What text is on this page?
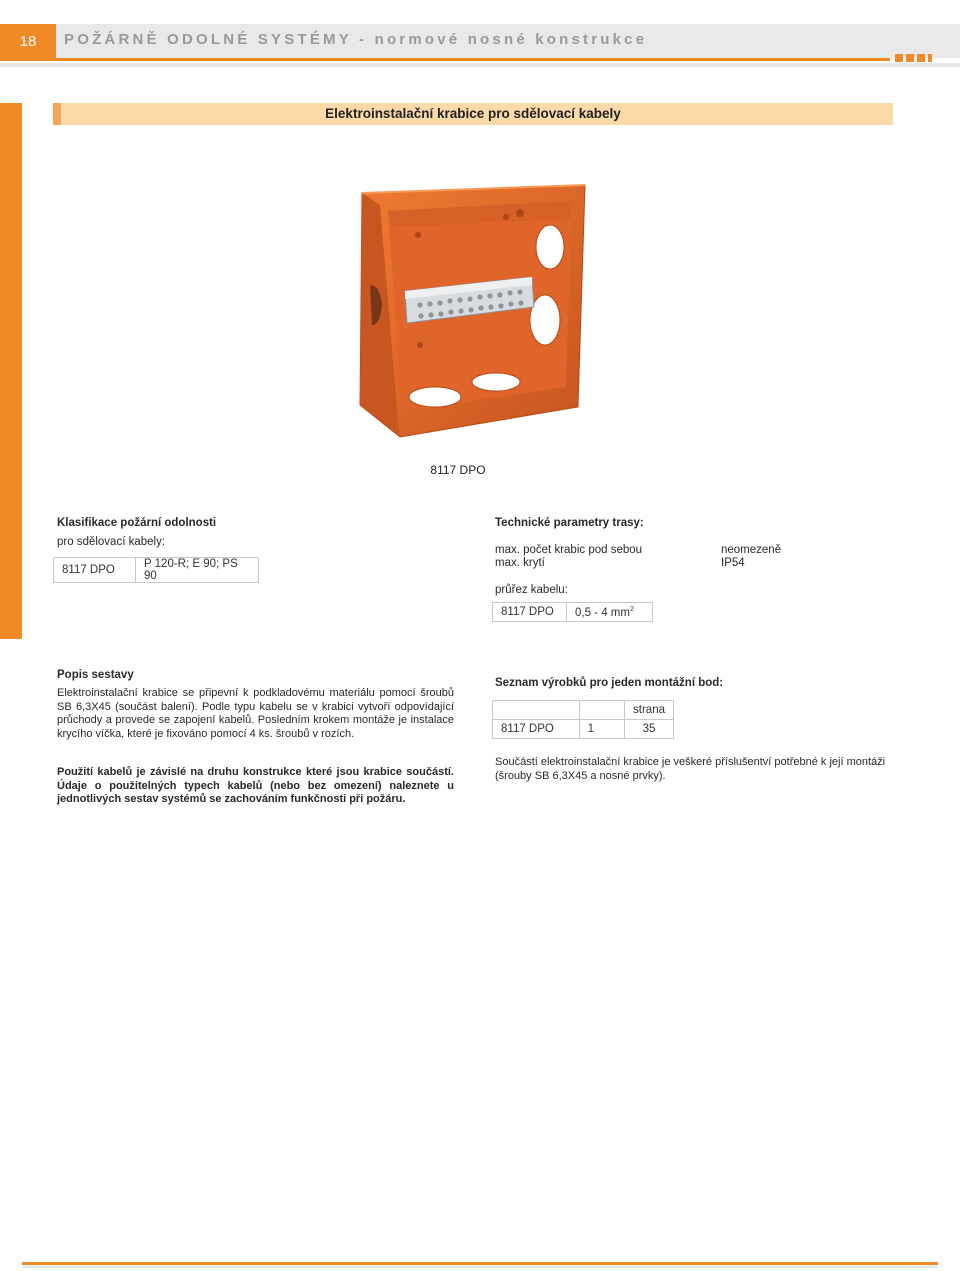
18	POŽÁRNĚ ODOLNÉ SYSTÉMY - normové nosné konstrukce
Elektroinstalační krabice pro sdělovací kabely
8117 DPO
Klasifikace požární odolnosti
pro sdělovací kabely:
8117 DPO	P 120-R; E 90; PS 90
Technické parametry trasy:
max. počet krabic pod sebou	neomezeně
max. krytí	IP54
průřez kabelu:
8117 DPO	0,5 - 4 $mm^2$
Popis sestavy
Elektroinstalační krabice se připevní k podkladovému materiálu pomocí šroubů SB 6,3X45 (součást balení). Podle typu kabelu se v krabici vytvoří odpovídající průchody a provede se zapojení kabelů. Posledním krokem montáže je instalace krycího víčka, které je fixováno pomocí 4 ks. šroubů v rozích.
Použití kabelů je závislé na druhu konstrukce které jsou krabice součástí. Údaje o použitelných typech kabelů (nebo bez omezení) naleznete u jednotlivých sestav systémů se zachováním funkčnosti při požáru.
Seznam výrobků pro jeden montážní bod:
		strana
8117 DPO	1	35
Součástí elektroinstalační krabice je veškeré příslušentví potřebné k její montáži (šrouby SB 6,3X45 a nosné prvky).
